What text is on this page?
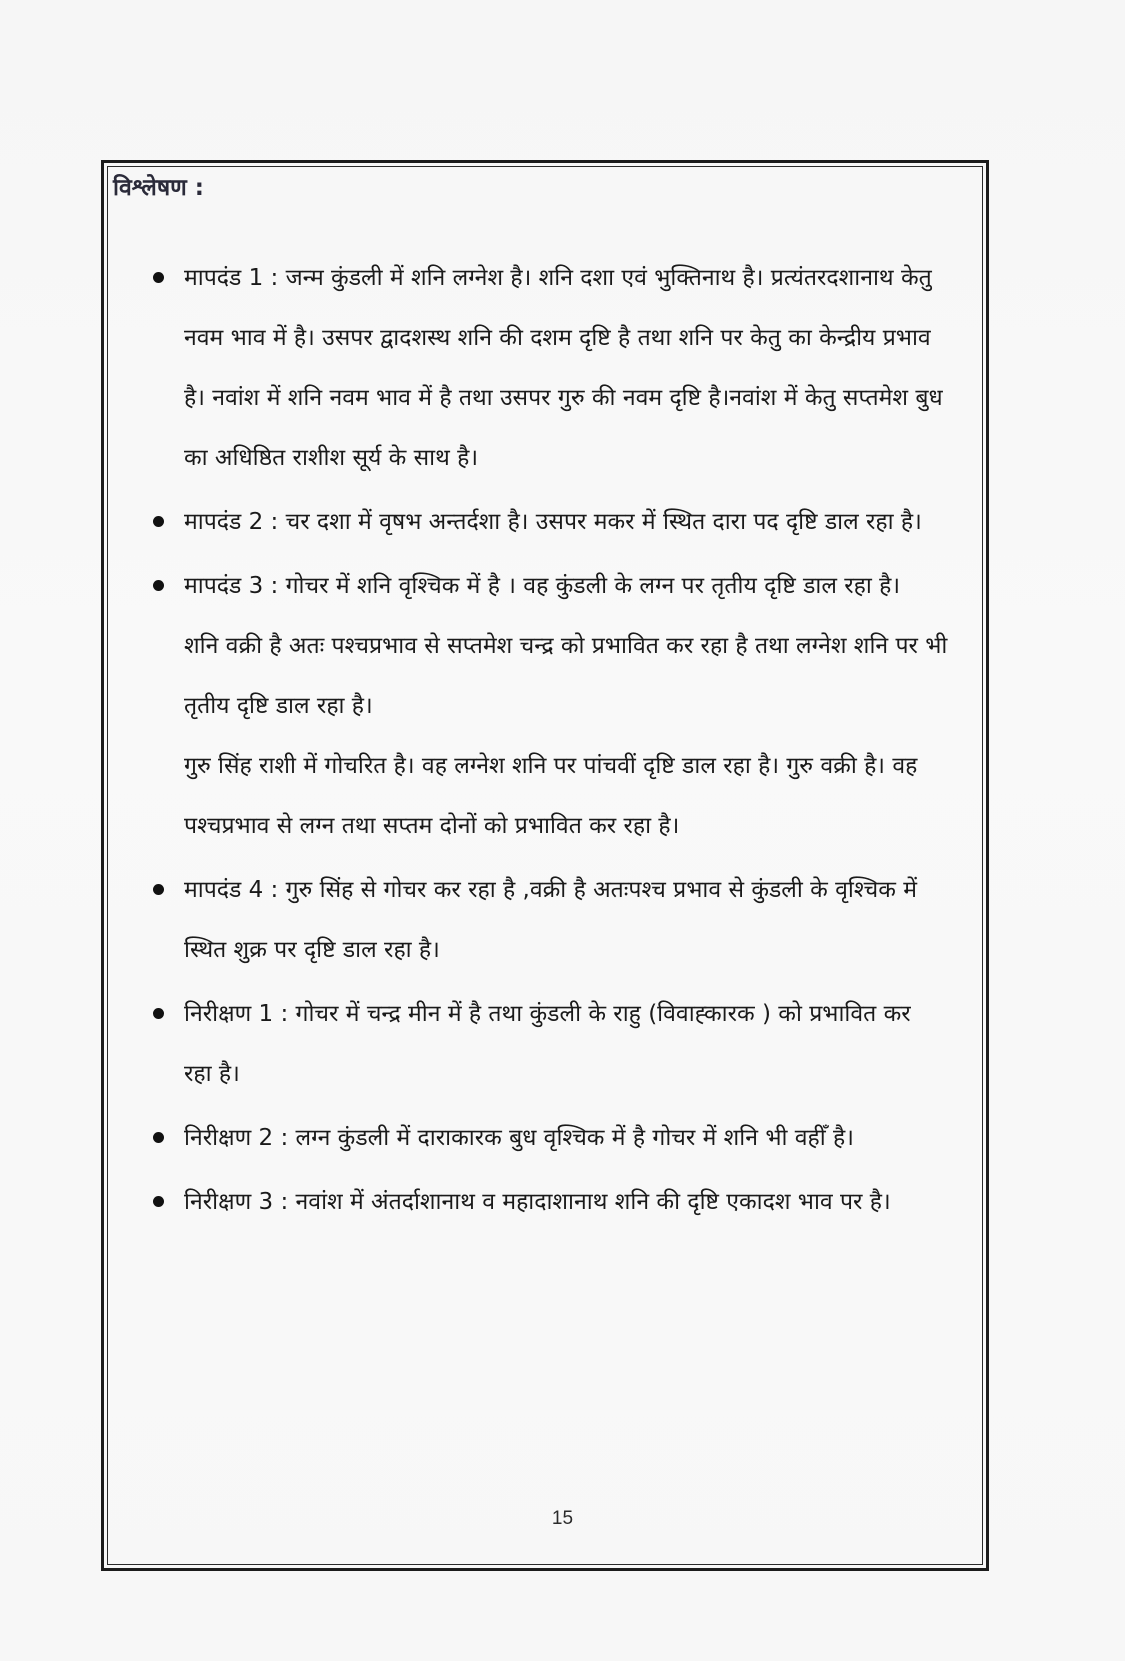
विश्लेषण :
मापदंड 1 : जन्म कुंडली में शनि लग्नेश है। शनि दशा एवं भुक्तिनाथ है। प्रत्यंतरदशानाथ केतु
नवम भाव में है। उसपर द्वादशस्थ शनि की दशम दृष्टि है तथा शनि पर केतु का केन्द्रीय प्रभाव
है। नवांश में शनि नवम भाव में है तथा उसपर गुरु की नवम दृष्टि है।नवांश में केतु सप्तमेश बुध
का अधिष्ठित राशीश सूर्य के साथ है।
मापदंड 2 : चर दशा में वृषभ अन्तर्दशा है। उसपर मकर में स्थित दारा पद दृष्टि डाल रहा है।
मापदंड 3 : गोचर में शनि वृश्चिक में है । वह कुंडली के लग्न पर तृतीय दृष्टि डाल रहा है।
शनि वक्री है अतः पश्चप्रभाव से सप्तमेश चन्द्र को प्रभावित कर रहा है तथा लग्नेश शनि पर भी
तृतीय दृष्टि डाल रहा है।
गुरु सिंह राशी में गोचरित है। वह लग्नेश शनि पर पांचवीं दृष्टि डाल रहा है। गुरु वक्री है। वह
पश्चप्रभाव से लग्न तथा सप्तम दोनों को प्रभावित कर रहा है।
मापदंड 4 : गुरु सिंह से गोचर कर रहा है ,वक्री है अतःपश्च प्रभाव से कुंडली के वृश्चिक में
स्थित शुक्र पर दृष्टि डाल रहा है।
निरीक्षण 1 : गोचर में चन्द्र मीन में है तथा कुंडली के राहु (विवाह्कारक ) को प्रभावित कर
रहा है।
निरीक्षण 2 : लग्न कुंडली में दाराकारक बुध वृश्चिक में है गोचर में शनि भी वहीँ है।
निरीक्षण 3 : नवांश में अंतर्दाशानाथ व महादाशानाथ शनि की दृष्टि एकादश भाव पर है।
15
